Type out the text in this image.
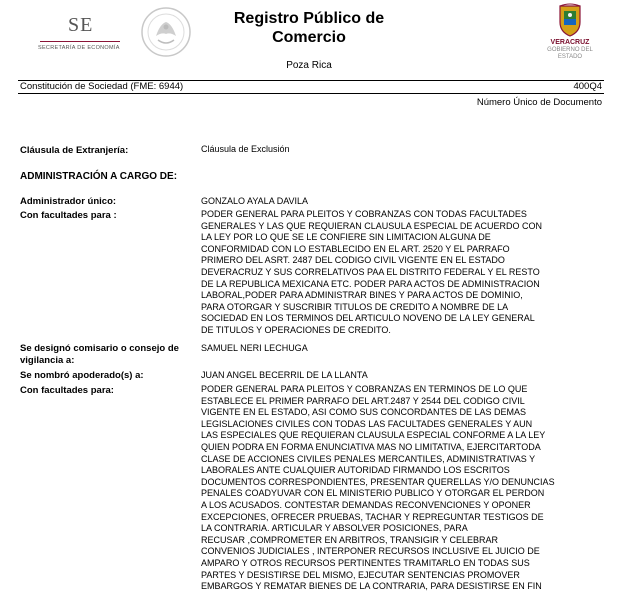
SE
SECRETARÍA DE ECONOMÍA
Registro Público de Comercio
Poza Rica
VERACRUZ
GOBIERNO DEL ESTADO
Constitución de Sociedad (FME: 6944)	400Q4
Número Único de Documento
Cláusula de Extranjería:	Cláusula de Exclusión
ADMINISTRACIÓN A CARGO DE:
Administrador único:	GONZALO AYALA DAVILA
Con facultades para :	PODER GENERAL PARA PLEITOS Y COBRANZAS CON TODAS FACULTADES
GENERALES Y LAS QUE REQUIERAN CLAUSULA ESPECIAL DE ACUERDO CON
LA LEY POR LO QUE SE LE CONFIERE SIN LIMITACION ALGUNA DE
CONFORMIDAD CON LO ESTABLECIDO EN EL ART. 2520 Y EL PARRAFO
PRIMERO DEL ASRT. 2487 DEL CODIGO CIVIL VIGENTE EN EL ESTADO
DEVERACRUZ Y SUS CORRELATIVOS PAA EL DISTRITO FEDERAL Y EL RESTO
DE LA REPUBLICA MEXICANA ETC. PODER PARA ACTOS DE ADMINISTRACION
LABORAL,PODER PARA ADMINISTRAR BINES Y PARA ACTOS DE DOMINIO,
PARA OTORGAR Y SUSCRIBIR TITULOS DE CREDITO A NOMBRE DE LA
SOCIEDAD EN LOS TERMINOS DEL ARTICULO NOVENO DE LA LEY GENERAL
DE TITULOS Y OPERACIONES DE CREDITO.
Se designó comisario o consejo de
vigilancia a:
SAMUEL NERI LECHUGA
Se nombró apoderado(s) a:	JUAN ANGEL BECERRIL DE LA LLANTA
Con facultades para:	PODER GENERAL PARA PLEITOS Y COBRANZAS EN TERMINOS DE LO QUE
ESTABLECE EL PRIMER PARRAFO DEL ART.2487 Y 2544 DEL CODIGO CIVIL
VIGENTE EN EL ESTADO, ASI COMO SUS CONCORDANTES DE LAS DEMAS
LEGISLACIONES CIVILES CON TODAS LAS FACULTADES GENERALES Y AUN
LAS ESPECIALES QUE REQUIERAN CLAUSULA ESPECIAL CONFORME A LA LEY
QUIEN PODRA EN FORMA ENUNCIATIVA MAS NO LIMITATIVA, EJERCITARTODA
CLASE DE ACCIONES CIVILES PENALES MERCANTILES, ADMINISTRATIVAS Y
LABORALES ANTE CUALQUIER AUTORIDAD FIRMANDO LOS ESCRITOS
DOCUMENTOS CORRESPONDIENTES, PRESENTAR QUERELLAS Y/O DENUNCIAS
PENALES COADYUVAR CON EL MINISTERIO PUBLICO Y OTORGAR EL PERDON
A LOS ACUSADOS. CONTESTAR DEMANDAS RECONVENCIONES Y OPONER
EXCEPCIONES, OFRECER PRUEBAS, TACHAR Y REPREGUNTAR TESTIGOS DE
LA CONTRARIA. ARTICULAR Y ABSOLVER POSICIONES, PARA
RECUSAR ,COMPROMETER EN ARBITROS, TRANSIGIR Y CELEBRAR
CONVENIOS JUDICIALES , INTERPONER RECURSOS INCLUSIVE EL JUICIO DE
AMPARO Y OTROS RECURSOS PERTINENTES TRAMITARLO EN TODAS SUS
PARTES Y DESISTIRSE DEL MISMO, EJECUTAR SENTENCIAS PROMOVER
EMBARGOS Y REMATAR BIENES DE LA CONTRARIA, PARA DESISTIRSE EN FIN
